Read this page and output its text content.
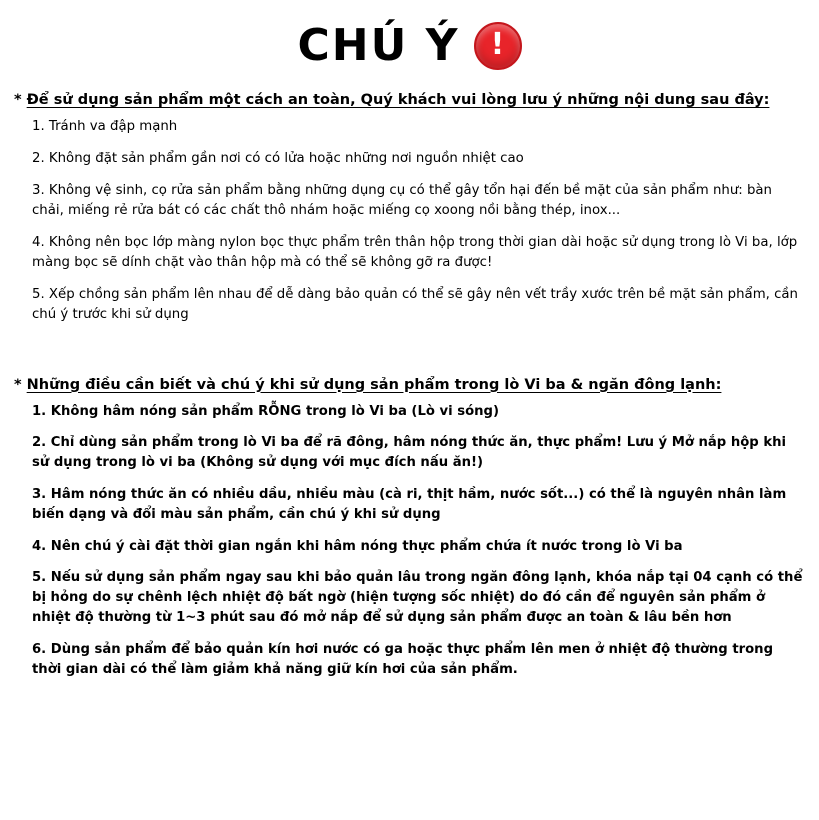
CHÚ Ý !
* Để sử dụng sản phẩm một cách an toàn, Quý khách vui lòng lưu ý những nội dung sau đây:
1. Tránh va đập mạnh
2. Không đặt sản phẩm gần nơi có có lửa hoặc những nơi nguồn nhiệt cao
3. Không vệ sinh, cọ rửa sản phẩm bằng những dụng cụ có thể gây tổn hại đến bề mặt của sản phẩm như: bàn chải, miếng rẻ rửa bát có các chất thô nhám hoặc miếng cọ xoong nồi bằng thép, inox...
4. Không nên bọc lớp màng nylon bọc thực phẩm trên thân hộp trong thời gian dài hoặc sử dụng trong lò Vi ba, lớp màng bọc sẽ dính chặt vào thân hộp mà có thể sẽ không gỡ ra được!
5. Xếp chồng sản phẩm lên nhau để dễ dàng bảo quản có thể sẽ gây nên vết trầy xước trên bề mặt sản phẩm, cần chú ý trước khi sử dụng
* Những điều cần biết và chú ý khi sử dụng sản phẩm trong lò Vi ba & ngăn đông lạnh:
1. Không hâm nóng sản phẩm RỖNG trong lò Vi ba (Lò vi sóng)
2. Chỉ dùng sản phẩm trong lò Vi ba để rã đông, hâm nóng thức ăn, thực phẩm! Lưu ý Mở nắp hộp khi sử dụng trong lò vi ba (Không sử dụng với mục đích nấu ăn!)
3. Hâm nóng thức ăn có nhiều dầu, nhiều màu (cà ri, thịt hầm, nước sốt...) có thể là nguyên nhân làm biến dạng và đổi màu sản phẩm, cần chú ý khi sử dụng
4. Nên chú ý cài đặt thời gian ngắn khi hâm nóng thực phẩm chứa ít nước trong lò Vi ba
5. Nếu sử dụng sản phẩm ngay sau khi bảo quản lâu trong ngăn đông lạnh, khóa nắp tại 04 cạnh có thể bị hỏng do sự chênh lệch nhiệt độ bất ngờ (hiện tượng sốc nhiệt) do đó cần để nguyên sản phẩm ở nhiệt độ thường từ 1~3 phút sau đó mở nắp để sử dụng sản phẩm được an toàn & lâu bền hơn
6. Dùng sản phẩm để bảo quản kín hơi nước có ga hoặc thực phẩm lên men ở nhiệt độ thường trong thời gian dài có thể làm giảm khả năng giữ kín hơi của sản phẩm.
